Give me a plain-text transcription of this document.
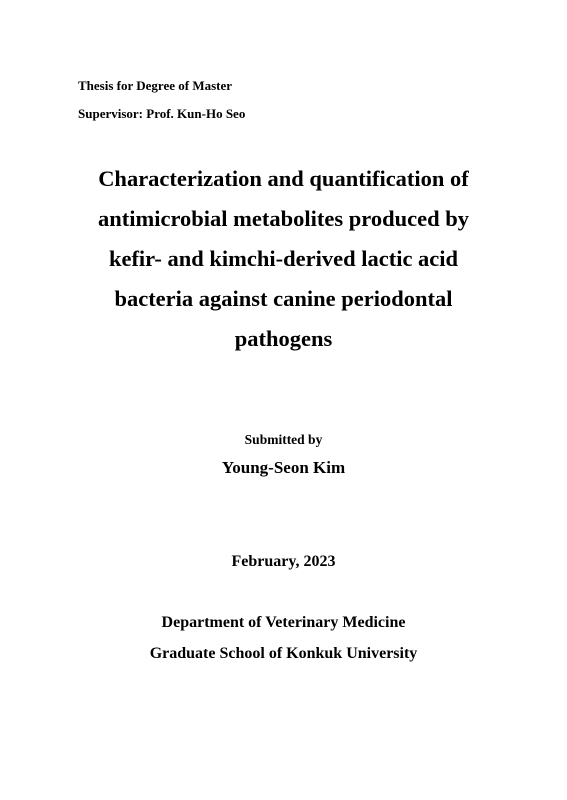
Thesis for Degree of Master
Supervisor: Prof. Kun-Ho Seo
Characterization and quantification of
antimicrobial metabolites produced by
kefir- and kimchi-derived lactic acid
bacteria against canine periodontal
pathogens
Submitted by
Young-Seon Kim
February, 2023
Department of Veterinary Medicine
Graduate School of Konkuk University
